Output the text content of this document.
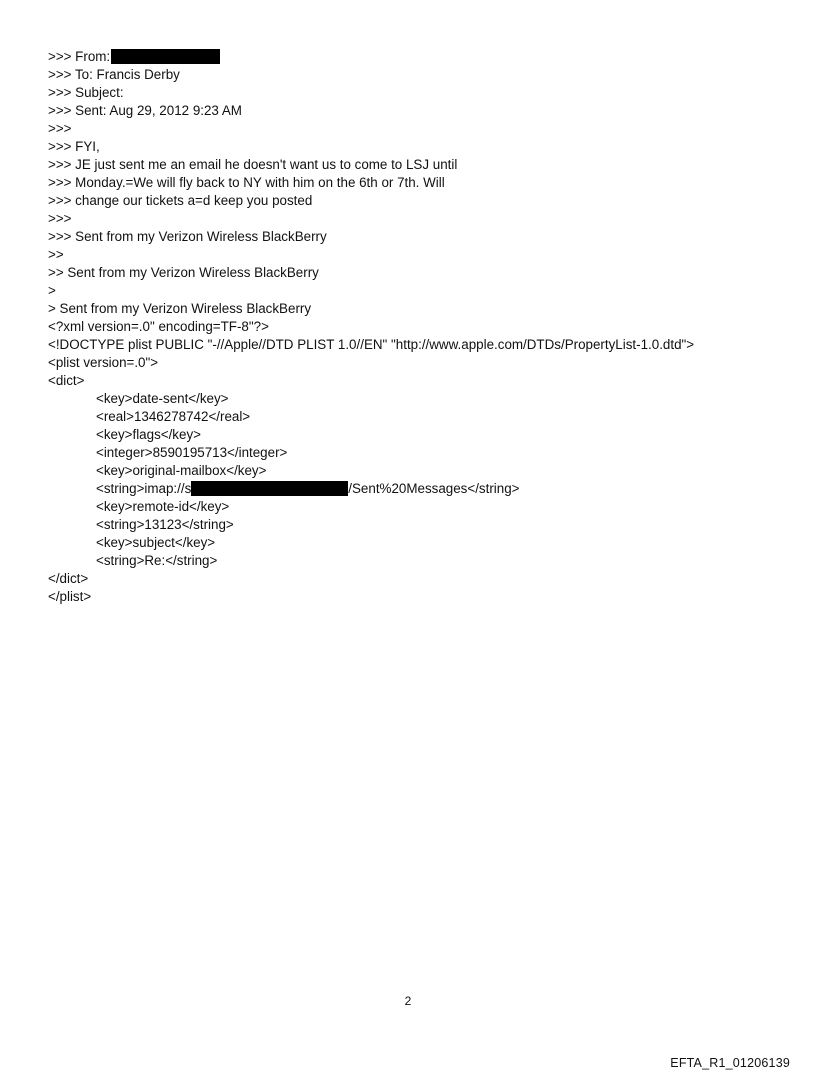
>>> From:
>>> To: Francis Derby
>>> Subject:
>>> Sent: Aug 29, 2012 9:23 AM
>>>
>>> FYI,
>>> JE just sent me an email he doesn't want us to come to LSJ until
>>> Monday.=We will fly back to NY with him on the 6th or 7th. Will
>>> change our tickets a=d keep you posted
>>>
>>> Sent from my Verizon Wireless BlackBerry
>>
>> Sent from my Verizon Wireless BlackBerry
>
> Sent from my Verizon Wireless BlackBerry
<?xml version=.0" encoding=TF-8"?>
<!DOCTYPE plist PUBLIC "-//Apple//DTD PLIST 1.0//EN" "http://www.apple.com/DTDs/PropertyList-1.0.dtd">
<plist version=.0">
<dict>
<key>date-sent</key>
<real>1346278742</real>
<key>flags</key>
<integer>8590195713</integer>
<key>original-mailbox</key>
<string>imap://s	/Sent%20Messages</string>
<key>remote-id</key>
<string>13123</string>
<key>subject</key>
<string>Re:</string>
</dict>
</plist>
2
EFTA_R1_01206139
